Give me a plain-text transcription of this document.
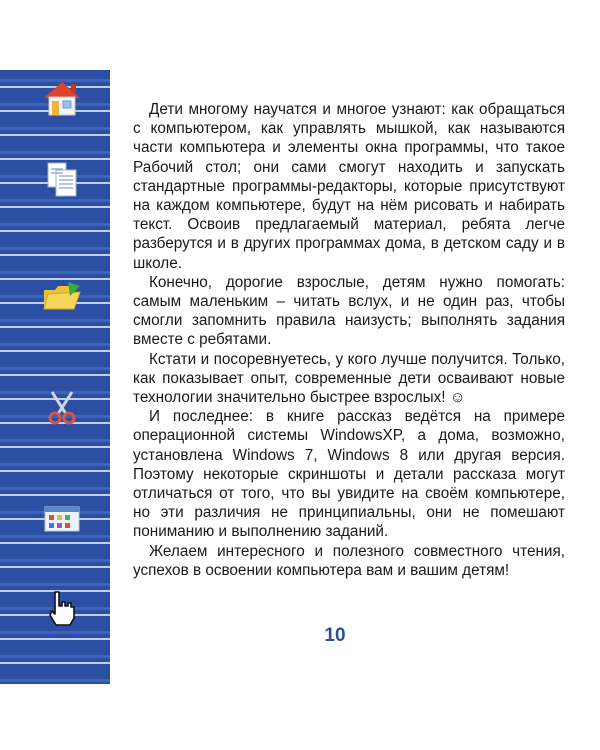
Дети многому научатся и многое узнают: как обращаться с компьютером, как управлять мышкой, как называются части компьютера и элементы окна программы, что такое Рабочий стол; они сами смогут находить и запускать стандартные программы-редакторы, которые присутствуют на каждом компьютере, будут на нём рисовать и набирать текст. Освоив предлагаемый материал, ребята легче разберутся и в других программах дома, в детском саду и в школе.

Конечно, дорогие взрослые, детям нужно помогать: самым маленьким – читать вслух, и не один раз, чтобы смогли запомнить правила наизусть; выполнять задания вместе с ребятами.

Кстати и посоревнуетесь, у кого лучше получится. Только, как показывает опыт, современные дети осваивают новые технологии значительно быстрее взрослых! ☺

И последнее: в книге рассказ ведётся на примере операционной системы WindowsXP, а дома, возможно, установлена Windows 7, Windows 8 или другая версия. Поэтому некоторые скриншоты и детали рассказа могут отличаться от того, что вы увидите на своём компьютере, но эти различия не принципиальны, они не помешают пониманию и выполнению заданий.

Желаем интересного и полезного совместного чтения, успехов в освоении компьютера вам и вашим детям!

10
